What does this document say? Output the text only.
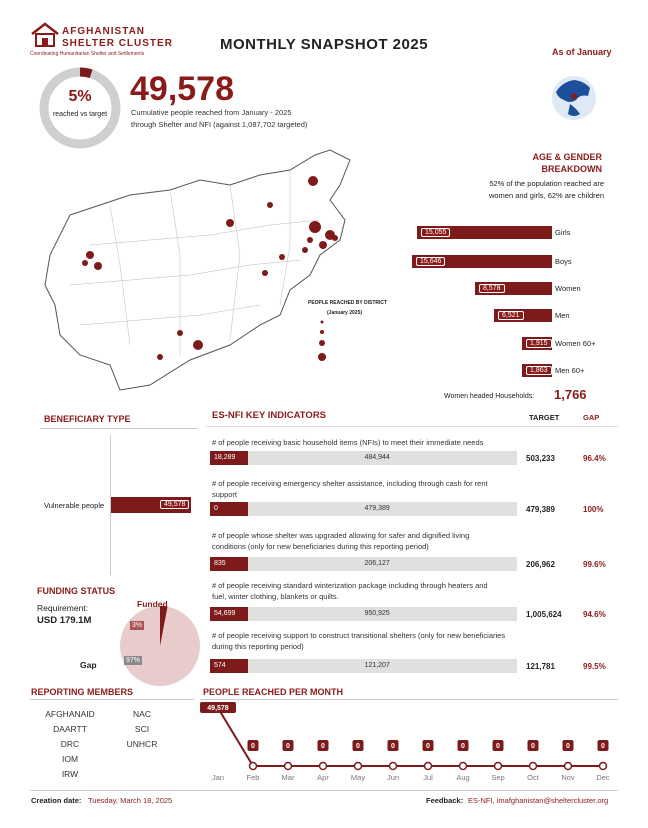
AFGHANISTAN
SHELTER CLUSTER
Coordinating Humanitarian Shelter and Settlements
MONTHLY SNAPSHOT 2025	As of January
5%
reached vs target
49,578
Cumulative people reached from January - 2025
through Shelter and NFI (against 1,087,702 targeted)
PEOPLE REACHED BY DISTRICT
(January 2025)
AGE & GENDER
BREAKDOWN
52% of the population reached are women and girls, 62% are children
15,055	Girls
15,646	Boys
8,578	Women
6,521	Men
1,915 Women 60+
1,863 Men 60+
Women headed Households: 1,766
BENEFICIARY TYPE
Vulnerable people	49,578
FUNDING STATUS
Requirement:
USD 179.1M
Funded
3%
97%
Gap
ES-NFI KEY INDICATORS	TARGET	GAP
# of people receiving basic household items (NFIs) to meet their immediate needs
18,289	484,944	503,233	96.4%
# of people receiving emergency shelter assistance, including through cash for rent support
0	479,389	479,389	100%
# of people whose shelter was upgraded allowing for safer and dignified living conditions (only for new beneficiaries during this reporting period)
835	206,127	206,962	99.6%
# of people receiving standard winterization package including through heaters and fuel, winter clothing, blankets or quilts.
54,699	950,925	1,005,624	94.6%
# of people receiving support to construct transitional shelters (only for new beneficiaries during this reporting period)
574	121,207	121,781	99.5%
REPORTING MEMBERS
AFGHANAID
DAARTT
DRC
IOM
IRW
NAC
SCI
UNHCR
PEOPLE REACHED PER MONTH
49,578
Jan
0
Feb
0
Mar
0
Apr
0
May
0
Jun
0
Jul
0
Aug
0
Sep
0
Oct
0
Nov
0
Dec
Creation date: Tuesday, March 18, 2025	Feedback: ES-NFI, imafghanistan@sheltercluster.org
